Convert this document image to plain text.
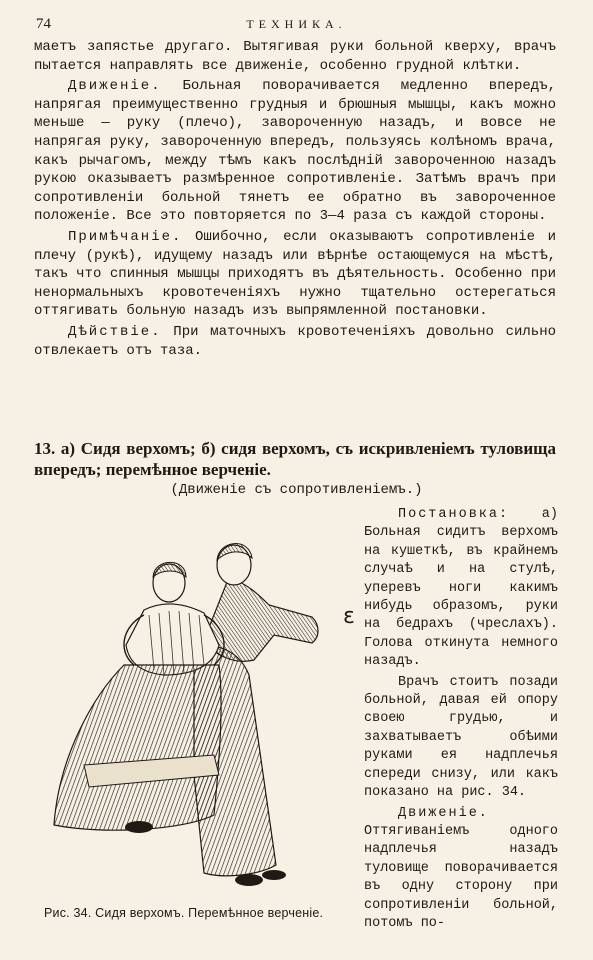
74	ТЕХНИКА.

маетъ запястье другаго. Вытягивая руки больной кверху, врачъ пытается направлять все движенiе, особенно грудной клѣтки.

Движенiе. Больная поворачивается медленно впередъ, напрягая преимущественно грудныя и брюшныя мышцы, какъ можно меньше — руку (плечо), завороченную назадъ, и вовсе не напрягая руку, завороченную впередъ, пользуясь колѣномъ врача, какъ рычагомъ, между тѣмъ какъ послѣднiй завороченною назадъ рукою оказываетъ размѣренное сопротивленiе. Затѣмъ врачъ при сопротивленiи больной тянетъ ее обратно въ завороченное положенiе. Все это повторяется по 3—4 раза съ каждой стороны.

Примѣчанiе. Ошибочно, если оказываютъ сопротивленiе и плечу (рукѣ), идущему назадъ или вѣрнѣе остающемуся на мѣстѣ, такъ что спинныя мышцы приходятъ въ дѣятельность. Особенно при ненормальныхъ кровотеченiяхъ нужно тщательно остерегаться оттягивать больную назадъ изъ выпрямленной постановки.

Дѣйствiе. При маточныхъ кровотеченiяхъ довольно сильно отвлекаетъ отъ таза.

13. а) Сидя верхомъ; б) сидя верхомъ, съ искривленiемъ туловища впередъ; перемѣнное верченiе.
(Движенiе съ сопротивленiемъ.)
Рис. 34. Сидя верхомъ. Перемѣнное верченiе.
ɛ

Постановка: а) Больная сидитъ верхомъ на кушеткѣ, въ крайнемъ случаѣ и на стулѣ, уперевъ ноги какимъ нибудь образомъ, руки на бедрахъ (чреслахъ). Голова откинута немного назадъ.

Врачъ стоитъ позади больной, давая ей опору своею грудью, и захватываетъ обѣими руками ея надплечья спереди снизу, или какъ показано на рис. 34.

Движенiе. Оттягиванiемъ одного надплечья назадъ туловище поворачивается въ одну сторону при сопротивленiи больной, потомъ по-
